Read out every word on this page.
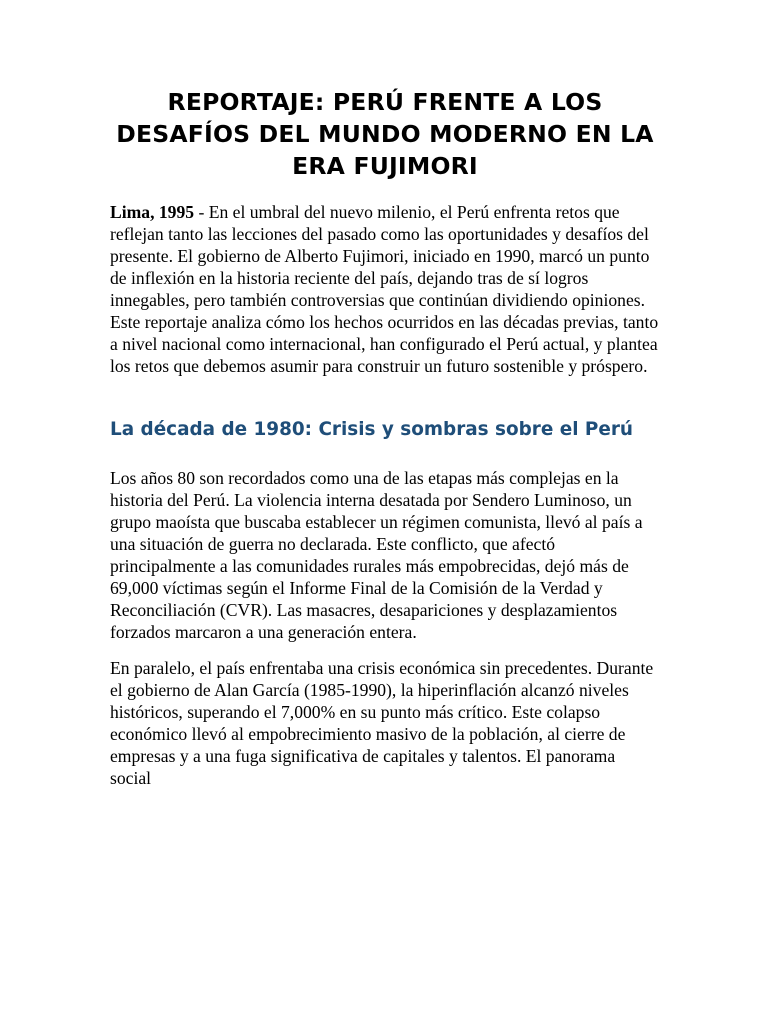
REPORTAJE: PERÚ FRENTE A LOS DESAFÍOS DEL MUNDO MODERNO EN LA ERA FUJIMORI

Lima, 1995 - En el umbral del nuevo milenio, el Perú enfrenta retos que reflejan tanto las lecciones del pasado como las oportunidades y desafíos del presente. El gobierno de Alberto Fujimori, iniciado en 1990, marcó un punto de inflexión en la historia reciente del país, dejando tras de sí logros innegables, pero también controversias que continúan dividiendo opiniones. Este reportaje analiza cómo los hechos ocurridos en las décadas previas, tanto a nivel nacional como internacional, han configurado el Perú actual, y plantea los retos que debemos asumir para construir un futuro sostenible y próspero.

La década de 1980: Crisis y sombras sobre el Perú

Los años 80 son recordados como una de las etapas más complejas en la historia del Perú. La violencia interna desatada por Sendero Luminoso, un grupo maoísta que buscaba establecer un régimen comunista, llevó al país a una situación de guerra no declarada. Este conflicto, que afectó principalmente a las comunidades rurales más empobrecidas, dejó más de 69,000 víctimas según el Informe Final de la Comisión de la Verdad y Reconciliación (CVR). Las masacres, desapariciones y desplazamientos forzados marcaron a una generación entera.

En paralelo, el país enfrentaba una crisis económica sin precedentes. Durante el gobierno de Alan García (1985-1990), la hiperinflación alcanzó niveles históricos, superando el 7,000% en su punto más crítico. Este colapso económico llevó al empobrecimiento masivo de la población, al cierre de empresas y a una fuga significativa de capitales y talentos. El panorama social
